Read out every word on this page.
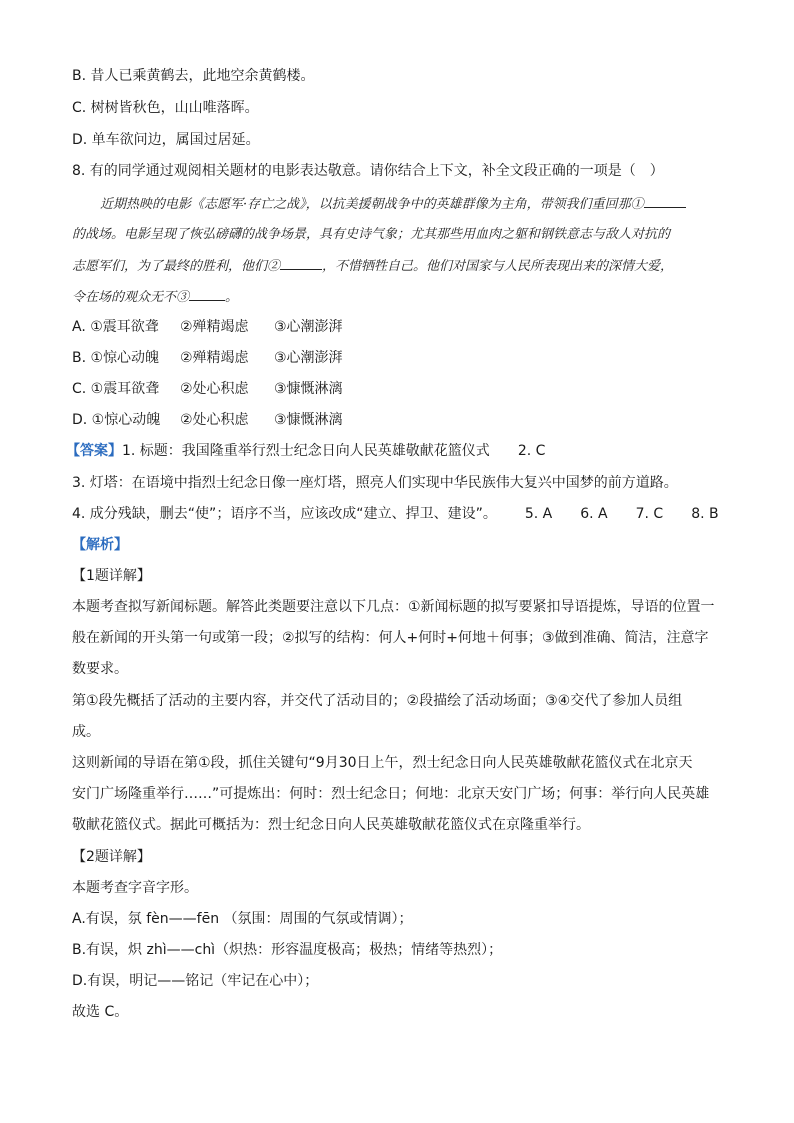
B. 昔人已乘黄鹤去，此地空余黄鹤楼。
C. 树树皆秋色，山山唯落晖。
D. 单车欲问边，属国过居延。
8. 有的同学通过观阅相关题材的电影表达敬意。请你结合上下文，补全文段正确的一项是（　）
近期热映的电影《志愿军·存亡之战》，以抗美援朝战争中的英雄群像为主角，带领我们重回那①
的战场。电影呈现了恢弘磅礴的战争场景，具有史诗气象；尤其那些用血肉之躯和钢铁意志与敌人对抗的
志愿军们，为了最终的胜利，他们②	，不惜牺牲自己。他们对国家与人民所表现出来的深情大爱，
令在场的观众无不③	。
A. ①震耳欲聋 ②殚精竭虑 ③心潮澎湃
B. ①惊心动魄 ②殚精竭虑 ③心潮澎湃
C. ①震耳欲聋 ②处心积虑 ③慷慨淋漓
D. ①惊心动魄 ②处心积虑 ③慷慨淋漓
【答案】1. 标题：我国隆重举行烈士纪念日向人民英雄敬献花篮仪式 2. C
3. 灯塔：在语境中指烈士纪念日像一座灯塔，照亮人们实现中华民族伟大复兴中国梦的前方道路。
4. 成分残缺，删去“使”；语序不当，应该改成“建立、捍卫、建设”。 5. A 6. A 7. C 8. B
【解析】
【1题详解】
本题考查拟写新闻标题。解答此类题要注意以下几点：①新闻标题的拟写要紧扣导语提炼，导语的位置一
般在新闻的开头第一句或第一段；②拟写的结构：何人+何时+何地＋何事；③做到准确、简洁，注意字
数要求。
第①段先概括了活动的主要内容，并交代了活动目的；②段描绘了活动场面；③④交代了参加人员组
成。
这则新闻的导语在第①段，抓住关键句“9月30日上午，烈士纪念日向人民英雄敬献花篮仪式在北京天
安门广场隆重举行……”可提炼出：何时：烈士纪念日；何地：北京天安门广场；何事：举行向人民英雄
敬献花篮仪式。据此可概括为：烈士纪念日向人民英雄敬献花篮仪式在京隆重举行。
【2题详解】
本题考查字音字形。
A.有误，氛 fèn——fēn （氛围：周围的气氛或情调）；
B.有误，炽 zhì——chì（炽热：形容温度极高；极热；情绪等热烈）；
D.有误，明记——铭记（牢记在心中）；
故选 C。
